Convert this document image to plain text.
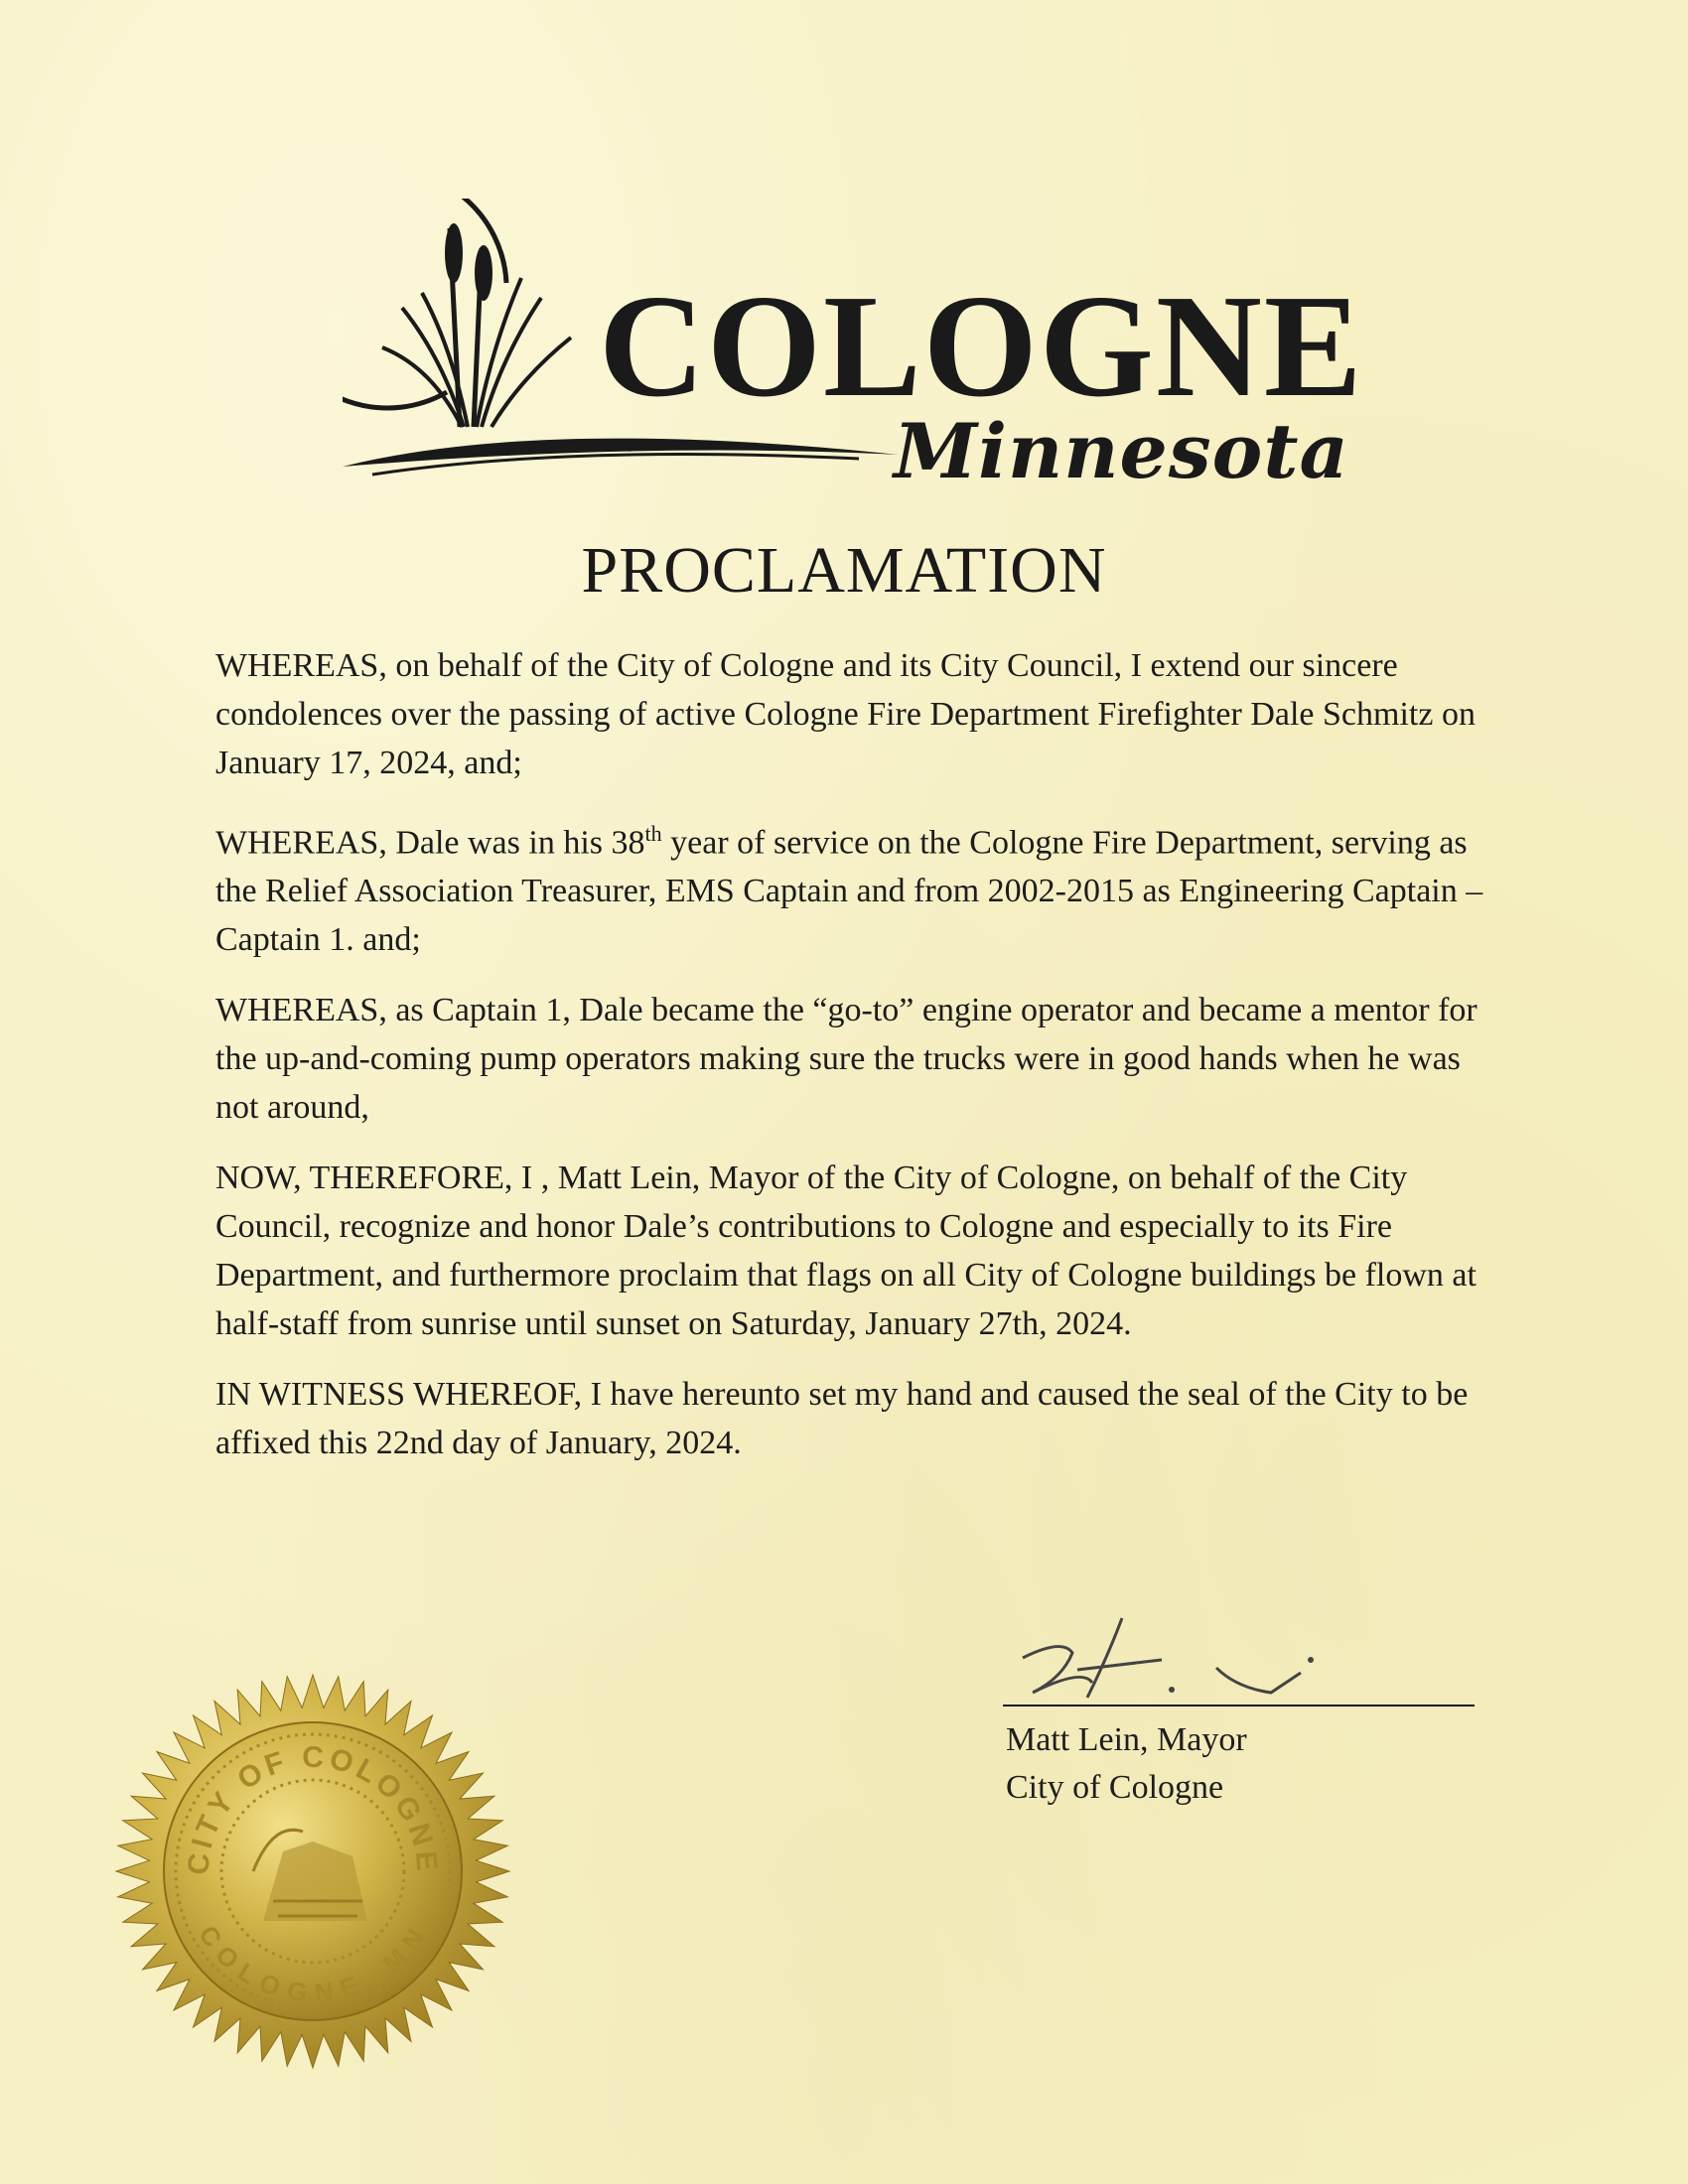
COLOGNE
Minnesota
PROCLAMATION

WHEREAS, on behalf of the City of Cologne and its City Council, I extend our sincere condolences over the passing of active Cologne Fire Department Firefighter Dale Schmitz on January 17, 2024, and;

WHEREAS, Dale was in his 38th year of service on the Cologne Fire Department, serving as the Relief Association Treasurer, EMS Captain and from 2002-2015 as Engineering Captain – Captain 1. and;

WHEREAS, as Captain 1, Dale became the “go-to” engine operator and became a mentor for the up-and-coming pump operators making sure the trucks were in good hands when he was not around,

NOW, THEREFORE, I , Matt Lein, Mayor of the City of Cologne, on behalf of the City Council, recognize and honor Dale’s contributions to Cologne and especially to its Fire Department, and furthermore proclaim that flags on all City of Cologne buildings be flown at half-staff from sunrise until sunset on Saturday, January 27th, 2024.

IN WITNESS WHEREOF, I have hereunto set my hand and caused the seal of the City to be affixed this 22nd day of January, 2024.

Matt Lein, Mayor
City of Cologne
CITY OF COLOGNE
COLOGNE, MN
